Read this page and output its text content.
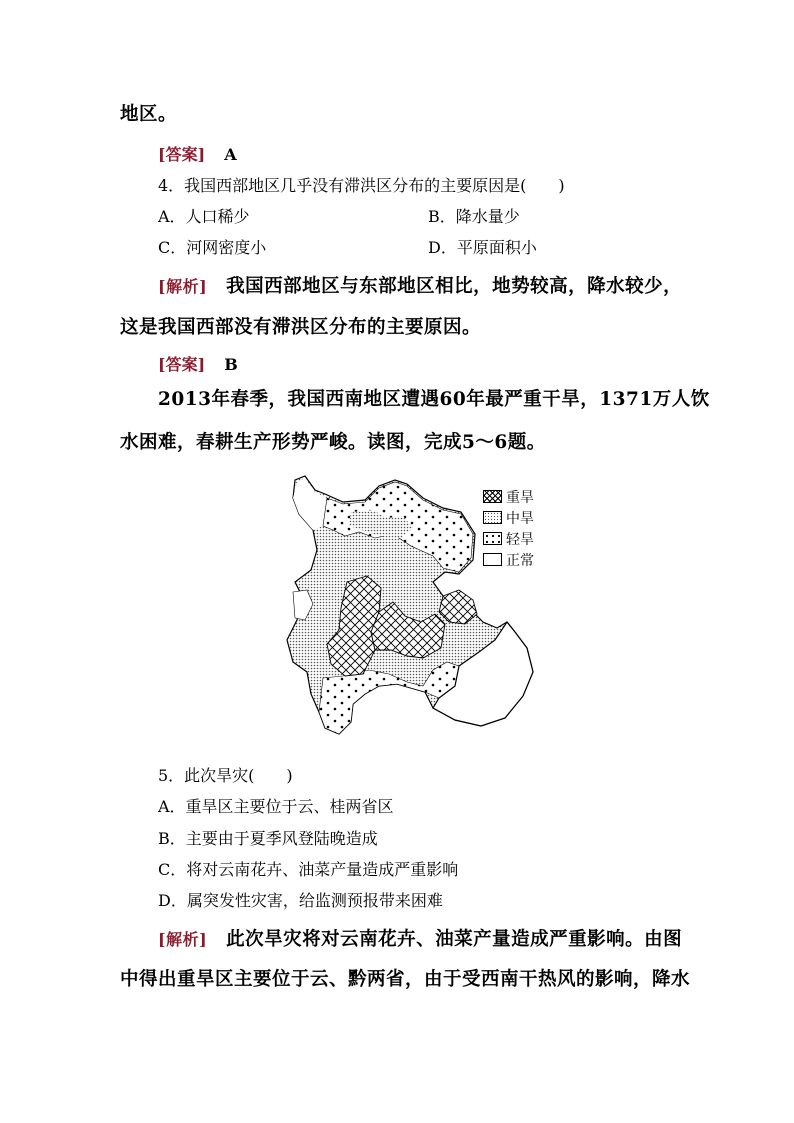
地区。
[答案] A
4．我国西部地区几乎没有滞洪区分布的主要原因是(　　)
A．人口稀少	B．降水量少
C．河网密度小	D．平原面积小
[解析] 我国西部地区与东部地区相比，地势较高，降水较少，
这是我国西部没有滞洪区分布的主要原因。
[答案] B
2013年春季，我国西南地区遭遇60年最严重干旱，1371万人饮
水困难，春耕生产形势严峻。读图，完成5～6题。
重旱
中旱
轻旱
正常
5．此次旱灾(　　)
A．重旱区主要位于云、桂两省区
B．主要由于夏季风登陆晚造成
C．将对云南花卉、油菜产量造成严重影响
D．属突发性灾害，给监测预报带来困难
[解析] 此次旱灾将对云南花卉、油菜产量造成严重影响。由图
中得出重旱区主要位于云、黔两省，由于受西南干热风的影响，降水
